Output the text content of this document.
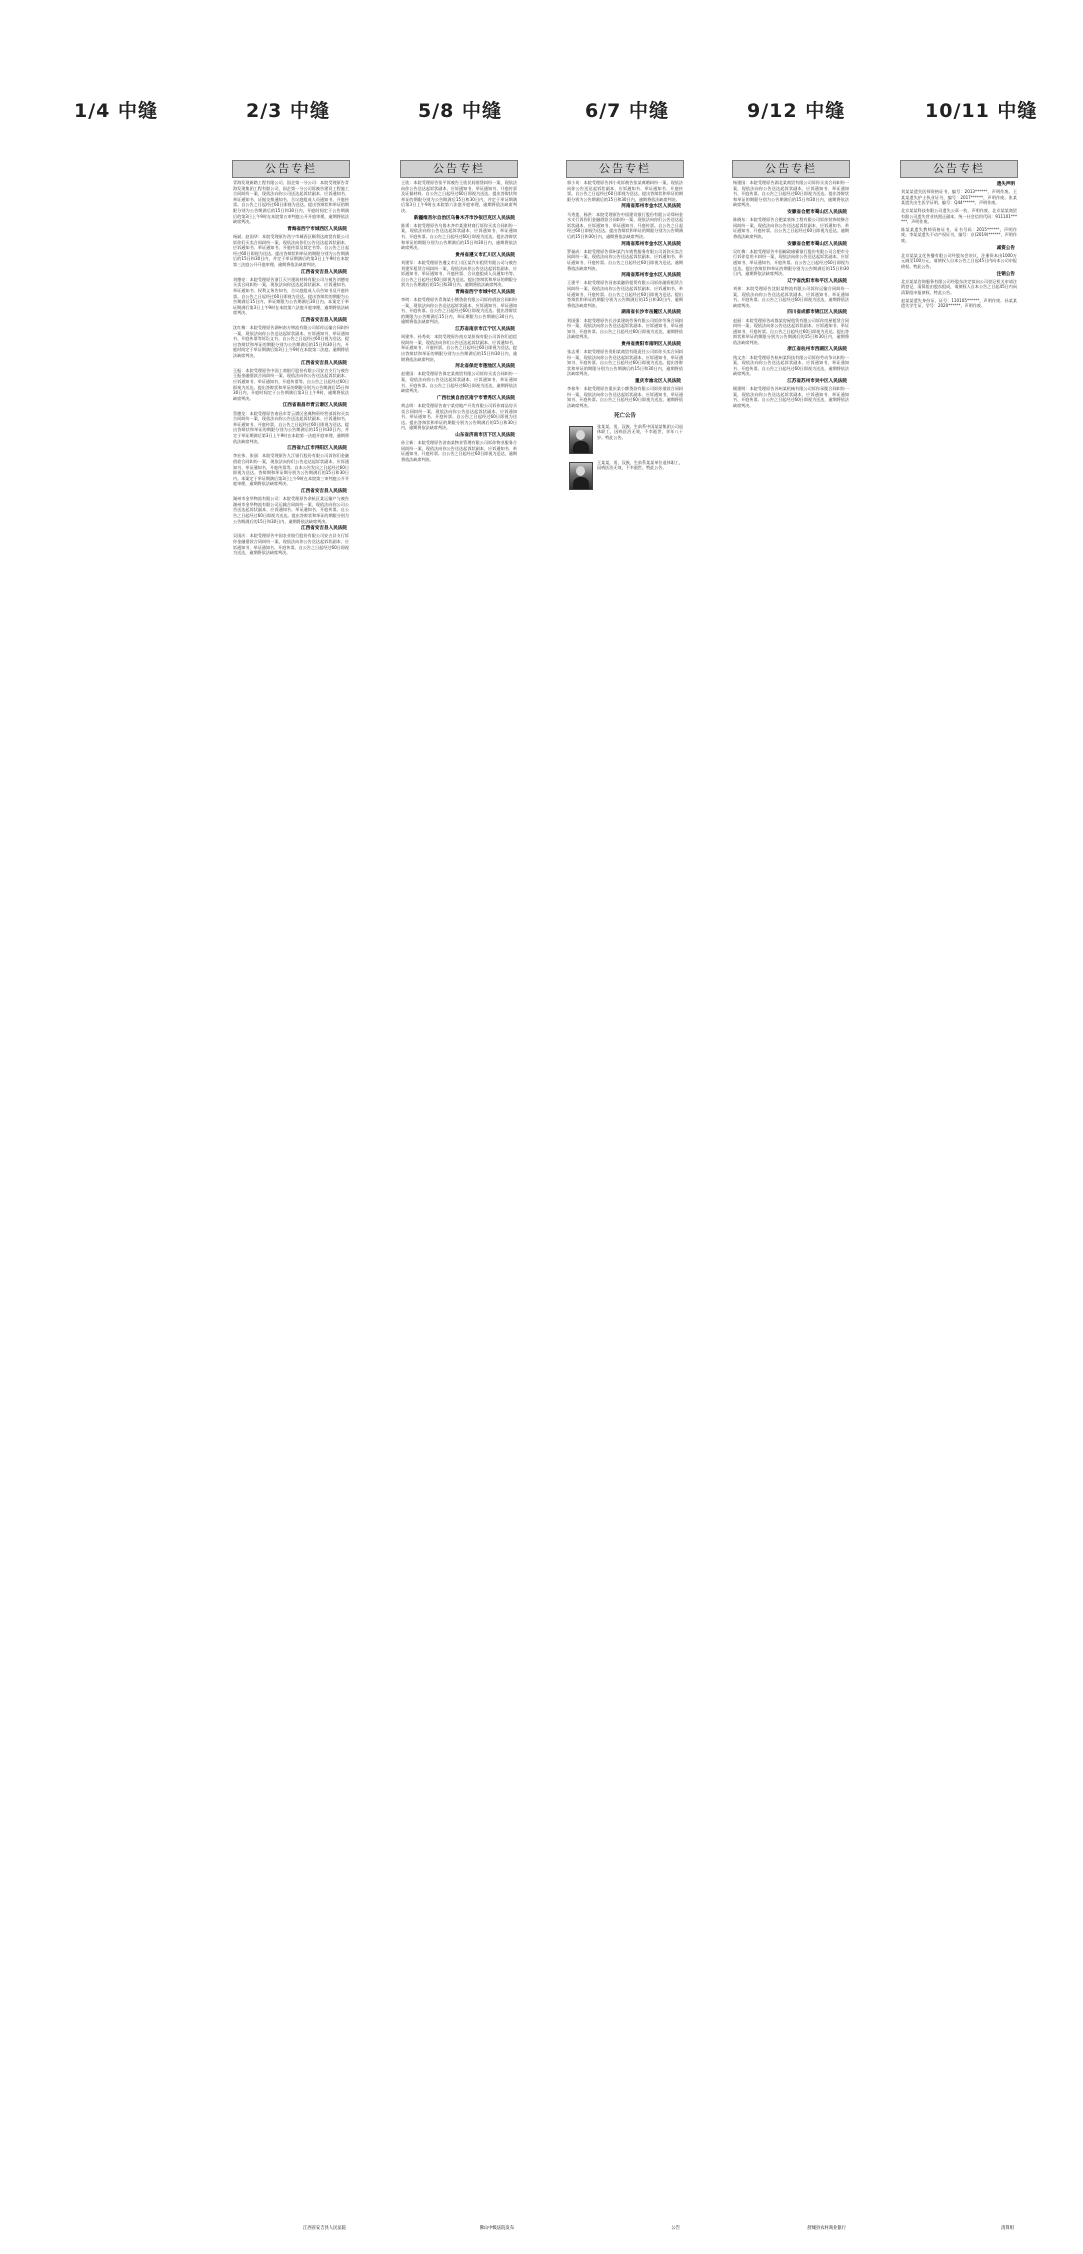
1/4 中缝	2/3 中缝	5/8 中缝	6/7 中缝	9/12 中缝	10/11 中缝
公告专栏
青海发现新路工程有限公司、国企第一分公司：本院受理原告青海发现集团工程有限公司、国企第一分公司诉被告建设工程施工合同纠纷一案，现依法向你公司送达起诉状副本、应诉通知书、举证通知书、证据交换通知书、合议庭组成人员通知书、开庭传票。自公告之日起经过60日即视为送达。提出答辩状和举证的期限分别为公告期满后的15日和30日内，开庭时间定于公告期满后的第3日上午9时在本院第五审判庭公开开庭审理，逾期将依法缺席判决。
青海省西宁市城西区人民法院
杨斌、赵国华：本院受理原告西宁市城西区顺利达商贸有限公司诉你们买卖合同纠纷一案，现依法向你们公告送达起诉状副本、应诉通知书、举证通知书、开庭传票及裁定书等。自公告之日起经过60日即视为送达。提出答辩状和举证的期限分别为公告期满后的15日和30日内，并定于举证期满后的第3日上午9时在本院第三法庭公开开庭审理，逾期将依法缺席判决。
江西省安吉县人民法院
刘德亮：本院受理原告浙江天兴建筑材料有限公司与被告刘德亮买卖合同纠纷一案，现依法向你送达起诉状副本、应诉通知书、举证通知书、权利义务告知书、合议庭组成人员告知书及开庭传票。自公告之日起经过60日即视为送达。提出答辩状的期限为公告期满后15日内，举证期限为公告期满后30日内。本案定于举证期满后第3日上午9时在本院第六法庭开庭审理，逾期将依法缺席判决。
江西省安吉县人民法院
沈红梅：本院受理原告湖州南方物流有限公司诉你运输合同纠纷一案，现依法向你公告送达起诉状副本、应诉通知书、举证通知书、开庭传票等诉讼文书。自公告之日起经过60日视为送达。提出答辩状和举证的期限分别为公告期满后的15日和30日内，开庭时间定于举证期满后第3日上午9时在本院第二法庭，逾期将依法缺席判决。
江西省安吉县人民法院
王振：本院受理原告中国工商银行股份有限公司安吉支行与被告王振金融借款合同纠纷一案，现依法向你公告送达起诉状副本、应诉通知书、举证通知书、开庭传票等。自公告之日起经过60日即视为送达。提出答辩状和举证的期限分别为公告期满后15日和30日内，开庭时间定于公告期满后第3日上午9时，逾期将依法缺席判决。
江西省南昌市青云谱区人民法院
蔡德龙：本院受理原告南昌市青云谱区金典物资经营部诉你买卖合同纠纷一案，现依法向你公告送达起诉状副本、应诉通知书、举证通知书、开庭传票。自公告之日起经过60日即视为送达。提出答辩状和举证的期限分别为公告期满后的15日和30日内，并定于举证期满后第3日上午9时在本院第一法庭开庭审理，逾期将依法缺席判决。
江西省九江市浔阳区人民法院
李宏伟、张丽：本院受理原告九江银行股份有限公司诉你们金融借款合同纠纷一案，现依法向你们公告送达起诉状副本、应诉通知书、举证通知书、开庭传票等。自本公告发出之日起经过60日即视为送达。答辩期和举证期分别为公告期满后的15日和30日内。本案定于举证期满后第3日上午9时在本院第三审判庭公开开庭审理，逾期将依法缺席判决。
江西省安吉县人民法院
湖州市金华物流有限公司：本院受理原告余杭区某运输户与被告湖州市金华物流有限公司运输合同纠纷一案，现依法向你公司公告送达起诉状副本、应诉通知书、举证通知书、开庭传票。自公告之日起经过60日即视为送达。提出答辩状和举证的期限分别为公告期满后的15日和30日内，逾期将依法缺席判决。
江西省安吉县人民法院
吴国庆：本院受理原告中国农业银行股份有限公司安吉县支行诉你金融借款合同纠纷一案，现依法向你公告送达起诉状副本、应诉通知书、举证通知书、开庭传票。自公告之日起经过60日即视为送达，逾期将依法缺席判决。
江西省安吉县人民法院
公告专栏
王欣：本院受理原告张平诉被告王欣民间借贷纠纷一案，现依法向你公告送达起诉状副本、应诉通知书、举证通知书、开庭传票及证据材料。自公告之日起经过60日即视为送达。提出答辩状和举证的期限分别为公告期满后15日和30日内，并定于举证期满后第3日上午9时在本院第六法庭开庭审理，逾期将依法缺席判决。
新疆维吾尔自治区乌鲁木齐市沙依巴克区人民法院
陈勇：本院受理原告乌鲁木齐市某建材商行诉你买卖合同纠纷一案，现依法向你公告送达起诉状副本、应诉通知书、举证通知书、开庭传票。自公告之日起经过60日即视为送达。提出答辩状和举证的期限分别为公告期满后的15日和30日内，逾期将依法缺席判决。
贵州省遵义市汇川区人民法院
刘建军：本院受理原告遵义市汇川区某汽车租赁有限公司与被告刘建军租赁合同纠纷一案，现依法向你公告送达起诉状副本、应诉通知书、举证通知书、开庭传票、合议庭组成人员通知书等。自公告之日起经过60日即视为送达。提出答辩状和举证的期限分别为公告期满后的15日和30日内，逾期将依法缺席判决。
青海省西宁市城中区人民法院
李明：本院受理原告青海某小额贷款有限公司诉你借款合同纠纷一案，现依法向你公告送达起诉状副本、应诉通知书、举证通知书、开庭传票。自公告之日起经过60日即视为送达。提出答辩状的期限为公告期满后15日内，举证期限为公告期满后30日内，逾期将依法缺席判决。
江苏省南京市江宁区人民法院
周建华、孙秀英：本院受理原告南京某担保有限公司诉你们追偿权纠纷一案，现依法向你们公告送达起诉状副本、应诉通知书、举证通知书、开庭传票。自公告之日起经过60日即视为送达。提出答辩状和举证的期限分别为公告期满后的15日和30日内，逾期将依法缺席判决。
河北省保定市莲池区人民法院
赵建国：本院受理原告保定某商贸有限公司诉你买卖合同纠纷一案，现依法向你公告送达起诉状副本、应诉通知书、举证通知书、开庭传票。自公告之日起经过60日即视为送达，逾期将依法缺席判决。
广西壮族自治区南宁市青秀区人民法院
黄志明：本院受理原告南宁某房地产开发有限公司诉你商品房买卖合同纠纷一案，现依法向你公告送达起诉状副本、应诉通知书、举证通知书、开庭传票。自公告之日起经过60日即视为送达。提出答辩状和举证的期限分别为公告期满后的15日和30日内，逾期将依法缺席判决。
山东省济南市历下区人民法院
孙立新：本院受理原告济南某物业管理有限公司诉你物业服务合同纠纷一案，现依法向你公告送达起诉状副本、应诉通知书、举证通知书、开庭传票。自公告之日起经过60日即视为送达，逾期将依法缺席判决。
佛山中级法院发布
公告专栏
郭小英：本院受理原告郭小英诉被告张某离婚纠纷一案，现依法向你公告送达起诉状副本、应诉通知书、举证通知书、开庭传票。自公告之日起经过60日即视为送达。提出答辩状和举证的期限分别为公告期满后的15日和30日内，逾期将依法缺席判决。
河南省郑州市金水区人民法院
马秀莲、杨洪：本院受理原告中国建设银行股份有限公司郑州金水支行诉你们金融借款合同纠纷一案，现依法向你们公告送达起诉状副本、应诉通知书、举证通知书、开庭传票。自公告之日起经过60日即视为送达。提出答辩状和举证的期限分别为公告期满后的15日和30日内，逾期将依法缺席判决。
河南省郑州市金水区人民法院
罗福成：本院受理原告郑州某汽车销售服务有限公司诉你买卖合同纠纷一案，现依法向你公告送达起诉状副本、应诉通知书、举证通知书、开庭传票。自公告之日起经过60日即视为送达，逾期将依法缺席判决。
河南省郑州市金水区人民法院
王建平：本院受理原告河南某融资租赁有限公司诉你融资租赁合同纠纷一案，现依法向你公告送达起诉状副本、应诉通知书、举证通知书、开庭传票。自公告之日起经过60日即视为送达。提出答辩状和举证的期限分别为公告期满后的15日和30日内，逾期将依法缺席判决。
湖南省长沙市岳麓区人民法院
刘国强：本院受理原告长沙某建筑劳务有限公司诉你劳务合同纠纷一案，现依法向你公告送达起诉状副本、应诉通知书、举证通知书、开庭传票。自公告之日起经过60日即视为送达，逾期将依法缺席判决。
贵州省贵阳市南明区人民法院
张志勇：本院受理原告贵阳某商贸有限责任公司诉你买卖合同纠纷一案，现依法向你公告送达起诉状副本、应诉通知书、举证通知书、开庭传票。自公告之日起经过60日即视为送达。提出答辩状和举证的期限分别为公告期满后的15日和30日内，逾期将依法缺席判决。
重庆市渝北区人民法院
李春华：本院受理原告重庆某小额贷款有限公司诉你借款合同纠纷一案，现依法向你公告送达起诉状副本、应诉通知书、举证通知书、开庭传票。自公告之日起经过60日即视为送达，逾期将依法缺席判决。
死亡公告
张某某，男，汉族，生前系中国某某集团公司退休职工，因病医治无效，不幸逝世，享年八十岁。特此公告。
王某某，男，汉族，生前系某某单位退休职工，因病医治无效，不幸逝世。特此公告。
公告
公告专栏
杨建国：本院受理原告湖北某商贸有限公司诉你买卖合同纠纷一案，现依法向你公告送达起诉状副本、应诉通知书、举证通知书、开庭传票。自公告之日起经过60日即视为送达。提出答辩状和举证的期限分别为公告期满后的15日和30日内，逾期将依法缺席判决。
安徽省合肥市蜀山区人民法院
陈晓东：本院受理原告合肥某装饰工程有限公司诉你装饰装修合同纠纷一案，现依法向你公告送达起诉状副本、应诉通知书、举证通知书、开庭传票。自公告之日起经过60日即视为送达，逾期将依法缺席判决。
安徽省合肥市蜀山区人民法院
吴红梅：本院受理原告中国邮政储蓄银行股份有限公司合肥市分行诉你信用卡纠纷一案，现依法向你公告送达起诉状副本、应诉通知书、举证通知书、开庭传票。自公告之日起经过60日即视为送达。提出答辩状和举证的期限分别为公告期满后的15日和30日内，逾期将依法缺席判决。
辽宁省沈阳市和平区人民法院
刘伟：本院受理原告沈阳某物流有限公司诉你运输合同纠纷一案，现依法向你公告送达起诉状副本、应诉通知书、举证通知书、开庭传票。自公告之日起经过60日即视为送达，逾期将依法缺席判决。
四川省成都市锦江区人民法院
赵丽：本院受理原告成都某房屋租赁有限公司诉你房屋租赁合同纠纷一案，现依法向你公告送达起诉状副本、应诉通知书、举证通知书、开庭传票。自公告之日起经过60日即视为送达。提出答辩状和举证的期限分别为公告期满后的15日和30日内，逾期将依法缺席判决。
浙江省杭州市西湖区人民法院
钱文杰：本院受理原告杭州某科技有限公司诉你劳动争议纠纷一案，现依法向你公告送达起诉状副本、应诉通知书、举证通知书、开庭传票。自公告之日起经过60日即视为送达，逾期将依法缺席判决。
江苏省苏州市吴中区人民法院
顾建明：本院受理原告苏州某机械有限公司诉你承揽合同纠纷一案，现依法向你公告送达起诉状副本、应诉通知书、举证通知书、开庭传票。自公告之日起经过60日即视为送达，逾期将依法缺席判决。
舒城县农村商业银行
公告专栏
遗失声明
刘某某遗失医师资格证书，编号：2013******，声明作废。王某某遗失护士执业证书，编号：2017******，声明作废。张某某遗失出生医学证明，编号：Q44******，声明作废。
北京某某科技有限公司遗失公章一枚，声明作废。北京某某商贸有限公司遗失营业执照正副本，统一社会信用代码：911101******，声明作废。
陈某某遗失教师资格证书，证书号码：2015******，声明作废。李某某遗失不动产权证书，编号：京(2019)******，声明作废。
减资公告
北京某某文化传播有限公司经股东会决议，注册资本由1000万元减至100万元，请债权人自本公告之日起45日内向本公司申报债权。特此公告。
注销公告
北京某某咨询服务有限公司经股东决定拟向公司登记机关申请注销登记，清算组由股东组成，请债权人自本公告之日起45日内向清算组申报债权。特此公告。
赵某某遗失身份证，证号：110105******，声明作废。孙某某遗失学生证，学号：2020******，声明作废。
清算组
